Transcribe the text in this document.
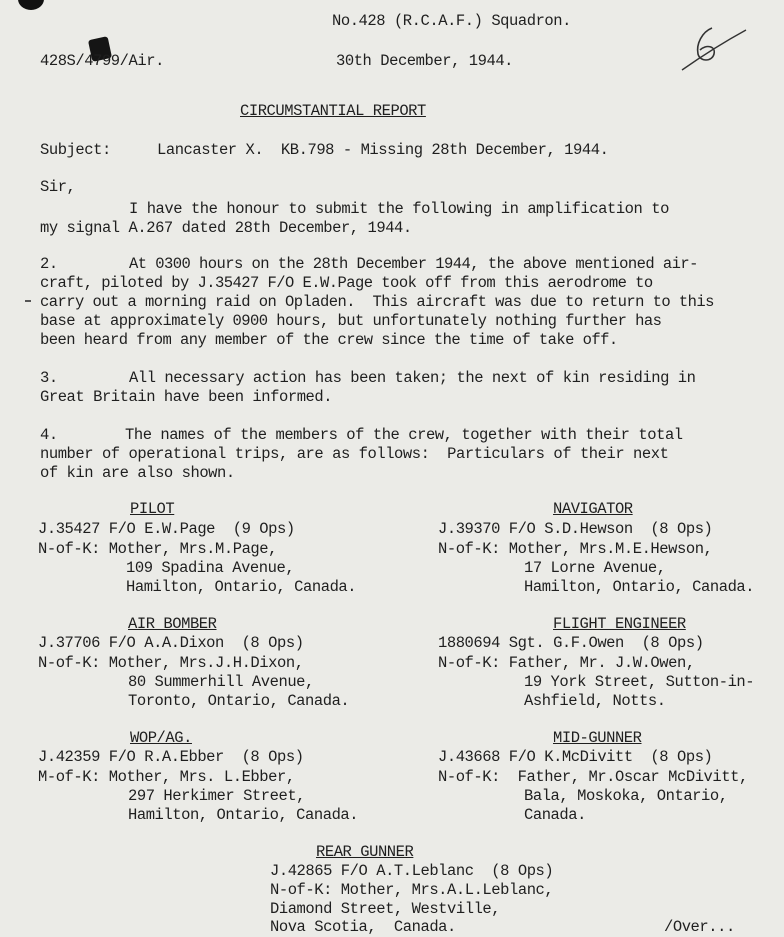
No.428 (R.C.A.F.) Squadron.
428S/4799/Air.	30th December, 1944.
6
CIRCUMSTANTIAL REPORT
Subject:	Lancaster X.  KB.798 - Missing 28th December, 1944.
Sir,
I have the honour to submit the following in amplification to
my signal A.267 dated 28th December, 1944.
2.	At 0300 hours on the 28th December 1944, the above mentioned air-
craft, piloted by J.35427 F/O E.W.Page took off from this aerodrome to
carry out a morning raid on Opladen.  This aircraft was due to return to this
base at approximately 0900 hours, but unfortunately nothing further has
been heard from any member of the crew since the time of take off.
3.	All necessary action has been taken; the next of kin residing in
Great Britain have been informed.
4.	The names of the members of the crew, together with their total
number of operational trips, are as follows:  Particulars of their next
of kin are also shown.
PILOT
J.35427 F/O E.W.Page  (9 Ops)
N-of-K: Mother, Mrs.M.Page,
109 Spadina Avenue,
Hamilton, Ontario, Canada.
NAVIGATOR
J.39370 F/O S.D.Hewson  (8 Ops)
N-of-K: Mother, Mrs.M.E.Hewson,
17 Lorne Avenue,
Hamilton, Ontario, Canada.
AIR BOMBER
J.37706 F/O A.A.Dixon  (8 Ops)
N-of-K: Mother, Mrs.J.H.Dixon,
80 Summerhill Avenue,
Toronto, Ontario, Canada.
FLIGHT ENGINEER
1880694 Sgt. G.F.Owen  (8 Ops)
N-of-K: Father, Mr. J.W.Owen,
19 York Street, Sutton-in-
Ashfield, Notts.
WOP/AG.
J.42359 F/O R.A.Ebber  (8 Ops)
M-of-K: Mother, Mrs. L.Ebber,
297 Herkimer Street,
Hamilton, Ontario, Canada.
MID-GUNNER
J.43668 F/O K.McDivitt  (8 Ops)
N-of-K:  Father, Mr.Oscar McDivitt,
Bala, Moskoka, Ontario,
Canada.
REAR GUNNER
J.42865 F/O A.T.Leblanc  (8 Ops)
N-of-K: Mother, Mrs.A.L.Leblanc,
Diamond Street, Westville,
Nova Scotia,  Canada.	/Over...
